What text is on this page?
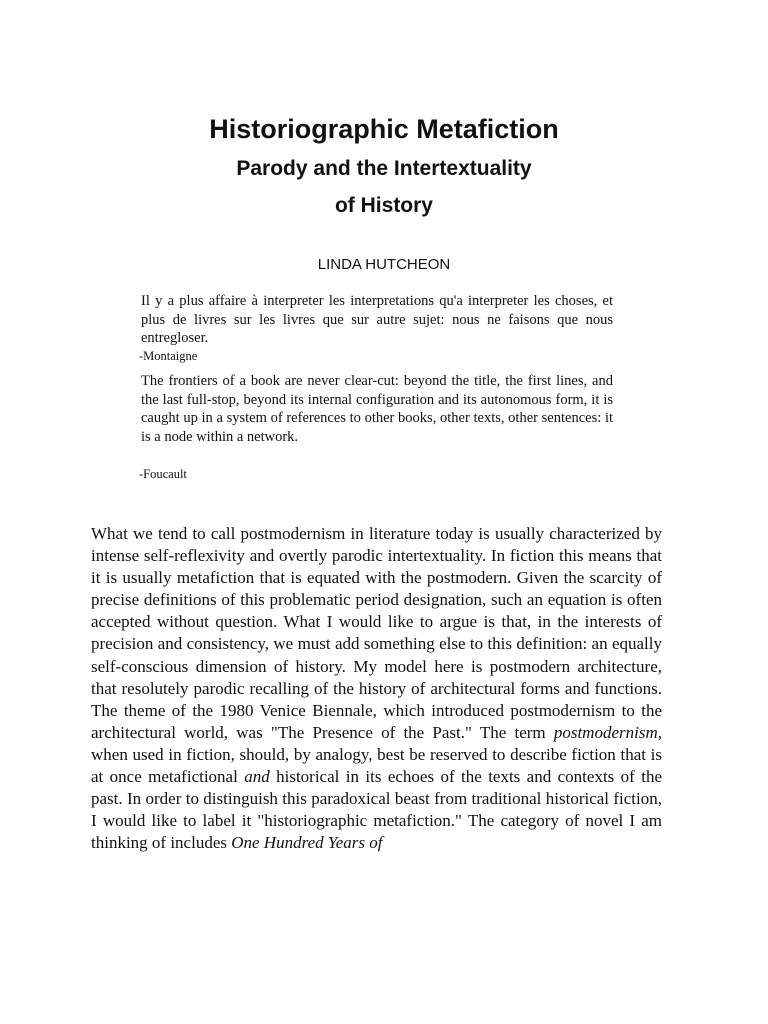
Historiographic Metafiction
Parody and the Intertextuality
of History
LINDA HUTCHEON
Il y a plus affaire à interpreter les interpretations qu'a interpreter les choses, et plus de livres sur les livres que sur autre sujet: nous ne faisons que nous entregloser.
-Montaigne
The frontiers of a book are never clear-cut: beyond the title, the first lines, and the last full-stop, beyond its internal configuration and its autonomous form, it is caught up in a system of references to other books, other texts, other sentences: it is a node within a network.
-Foucault

What we tend to call postmodernism in literature today is usually characterized by intense self-reflexivity and overtly parodic intertextuality. In fiction this means that it is usually metafiction that is equated with the postmodern. Given the scarcity of precise definitions of this problematic period designation, such an equation is often accepted without question. What I would like to argue is that, in the interests of precision and consistency, we must add something else to this definition: an equally self-conscious dimension of history. My model here is postmodern architecture, that resolutely parodic recalling of the history of architectural forms and functions. The theme of the 1980 Venice Biennale, which introduced postmodernism to the architectural world, was "The Presence of the Past." The term postmodernism, when used in fiction, should, by analogy, best be reserved to describe fiction that is at once metafictional and historical in its echoes of the texts and contexts of the past. In order to distinguish this paradoxical beast from traditional historical fiction, I would like to label it "historiographic metafiction." The category of novel I am thinking of includes One Hundred Years of
